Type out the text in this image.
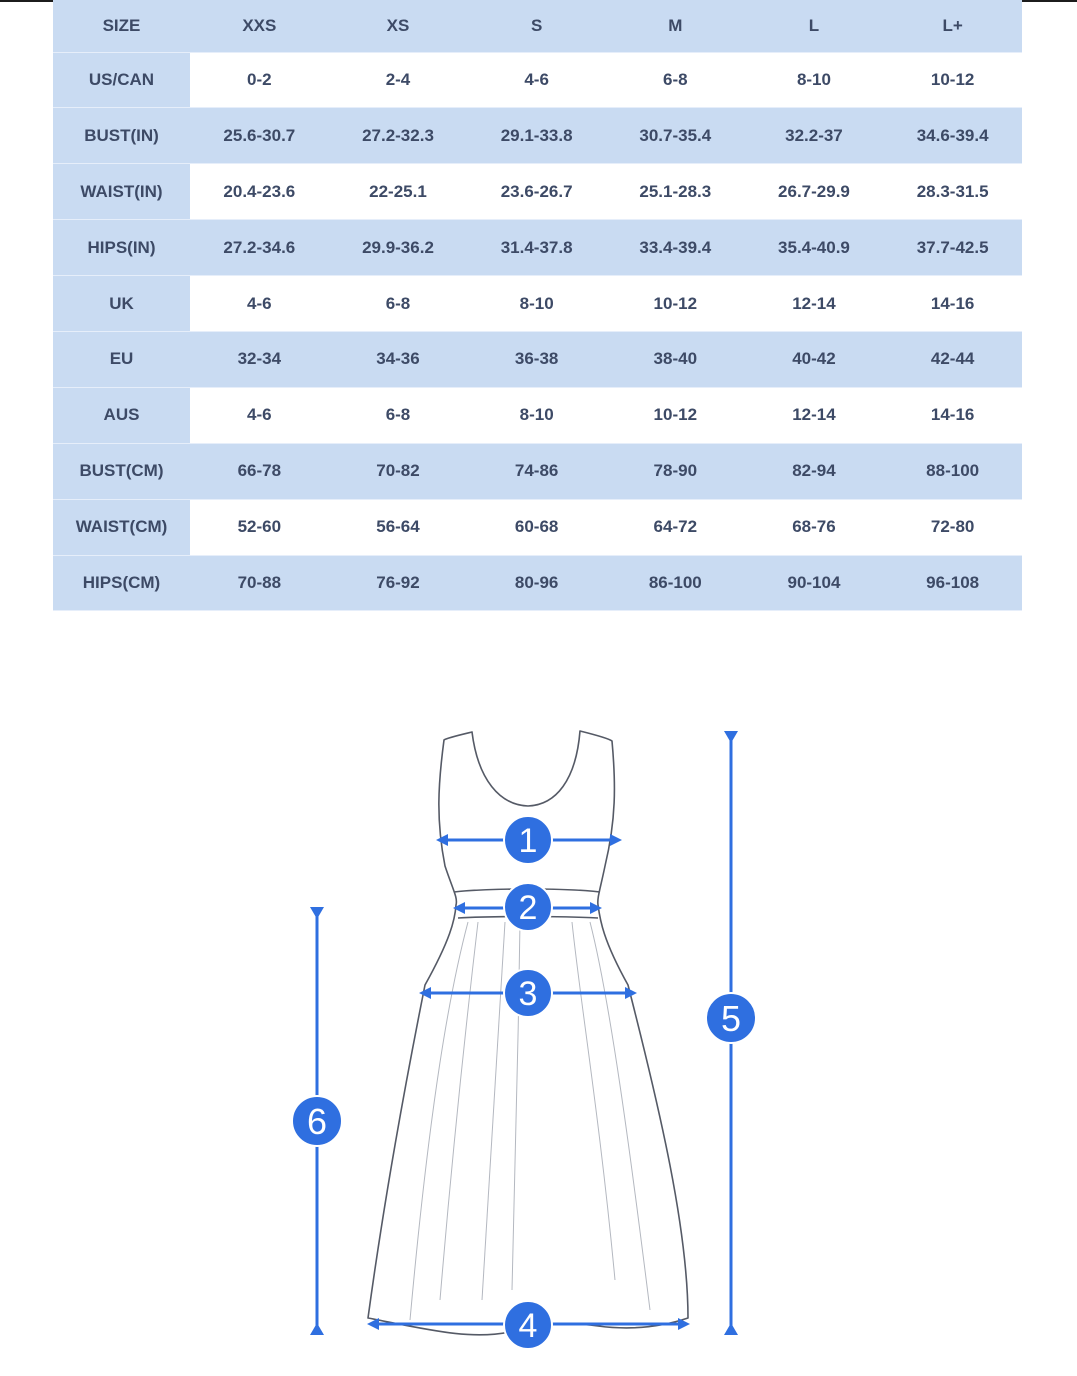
SIZE	XXS	XS	S	M	L	L+
US/CAN	0-2	2-4	4-6	6-8	8-10	10-12
BUST(IN)	25.6-30.7	27.2-32.3	29.1-33.8	30.7-35.4	32.2-37	34.6-39.4
WAIST(IN)	20.4-23.6	22-25.1	23.6-26.7	25.1-28.3	26.7-29.9	28.3-31.5
HIPS(IN)	27.2-34.6	29.9-36.2	31.4-37.8	33.4-39.4	35.4-40.9	37.7-42.5
UK	4-6	6-8	8-10	10-12	12-14	14-16
EU	32-34	34-36	36-38	38-40	40-42	42-44
AUS	4-6	6-8	8-10	10-12	12-14	14-16
BUST(CM)	66-78	70-82	74-86	78-90	82-94	88-100
WAIST(CM)	52-60	56-64	60-68	64-72	68-76	72-80
HIPS(CM)	70-88	76-92	80-96	86-100	90-104	96-108
1
2
3
4
5
6
